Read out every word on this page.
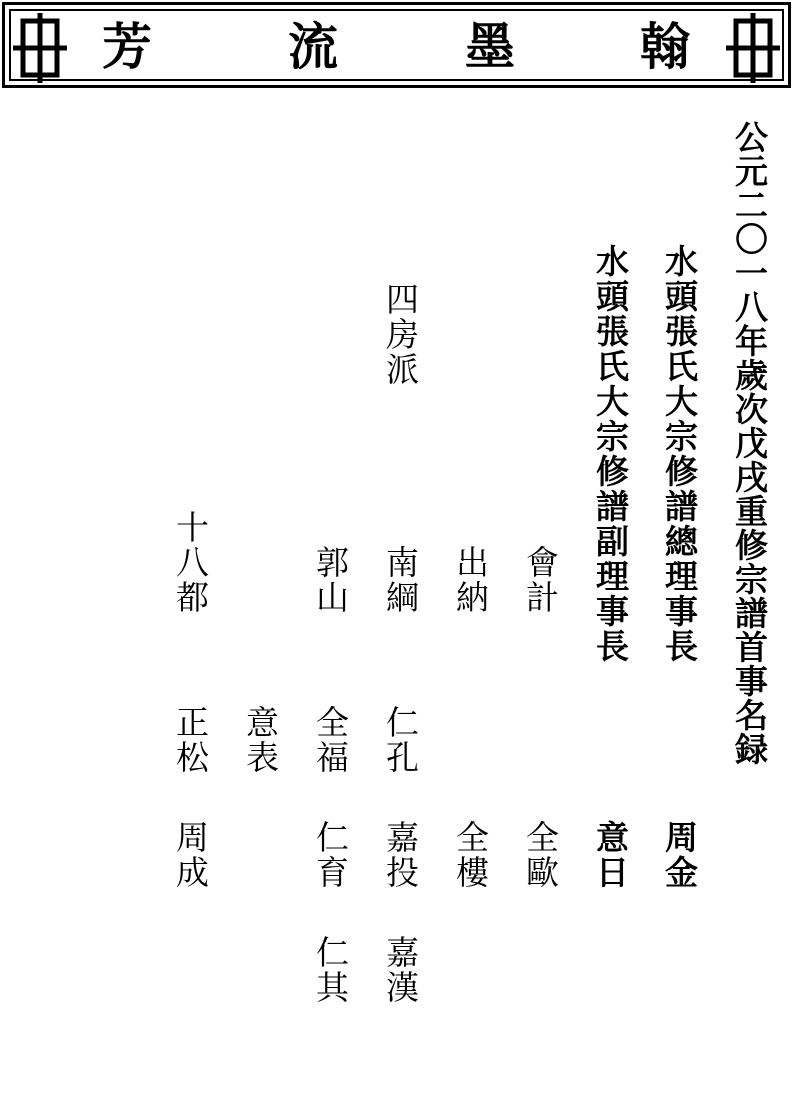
芳	流	墨	翰
公元二〇一八年歲次戊戌重修宗譜首事名録
水頭張氏大宗修譜總理事長
周金
水頭張氏大宗修譜副理事長
意日
會計
全歐
出納
全樓
四房派
南綱
仁孔
嘉投
嘉漢
郭山
全福
仁育
仁其
意表
十八都
正松
周成
